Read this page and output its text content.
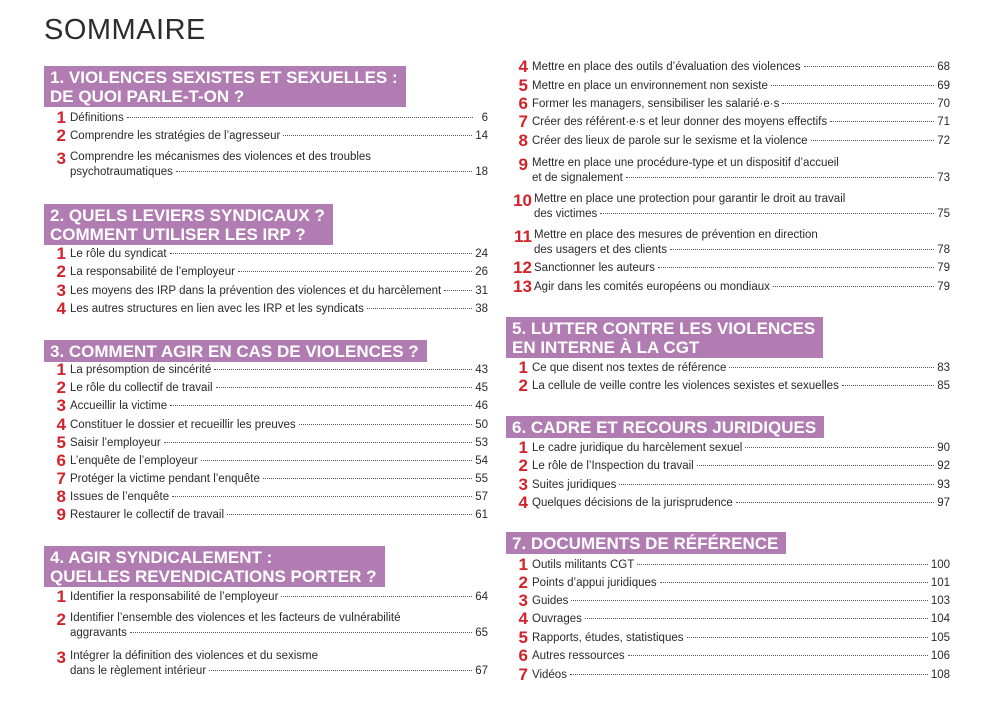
SOMMAIRE
1. VIOLENCES SEXISTES ET SEXUELLES :
DE QUOI PARLE-T-ON ?
1 Définitions	6
2 Comprendre les stratégies de l’agresseur	14
3 Comprendre les mécanismes des violences et des troubles
psychotraumatiques	18
2. QUELS LEVIERS SYNDICAUX ?
COMMENT UTILISER LES IRP ?
1 Le rôle du syndicat	24
2 La responsabilité de l’employeur	26
3 Les moyens des IRP dans la prévention des violences et du harcèlement	31
4 Les autres structures en lien avec les IRP et les syndicats	38
3. COMMENT AGIR EN CAS DE VIOLENCES ?
1 La présomption de sincérité	43
2 Le rôle du collectif de travail	45
3 Accueillir la victime	46
4 Constituer le dossier et recueillir les preuves	50
5 Saisir l’employeur	53
6 L’enquête de l’employeur	54
7 Protéger la victime pendant l’enquête	55
8 Issues de l’enquête	57
9 Restaurer le collectif de travail	61
4. AGIR SYNDICALEMENT :
QUELLES REVENDICATIONS PORTER ?
1 Identifier la responsabilité de l’employeur	64
2 Identifier l’ensemble des violences et les facteurs de vulnérabilité
aggravants	65
3 Intégrer la définition des violences et du sexisme
dans le règlement intérieur	67
4 Mettre en place des outils d’évaluation des violences	68
5 Mettre en place un environnement non sexiste	69
6 Former les managers, sensibiliser les salarié·e·s	70
7 Créer des référent·e·s et leur donner des moyens effectifs	71
8 Créer des lieux de parole sur le sexisme et la violence	72
9 Mettre en place une procédure-type et un dispositif d’accueil
et de signalement	73
10 Mettre en place une protection pour garantir le droit au travail
des victimes	75
11 Mettre en place des mesures de prévention en direction
des usagers et des clients	78
12 Sanctionner les auteurs	79
13 Agir dans les comités européens ou mondiaux	79
5. LUTTER CONTRE LES VIOLENCES
EN INTERNE À LA CGT
1 Ce que disent nos textes de référence	83
2 La cellule de veille contre les violences sexistes et sexuelles	85
6. CADRE ET RECOURS JURIDIQUES
1 Le cadre juridique du harcèlement sexuel	90
2 Le rôle de l’Inspection du travail	92
3 Suites juridiques	93
4 Quelques décisions de la jurisprudence	97
7. DOCUMENTS DE RÉFÉRENCE
1 Outils militants CGT	100
2 Points d’appui juridiques	101
3 Guides	103
4 Ouvrages	104
5 Rapports, études, statistiques	105
6 Autres ressources	106
7 Vidéos	108
